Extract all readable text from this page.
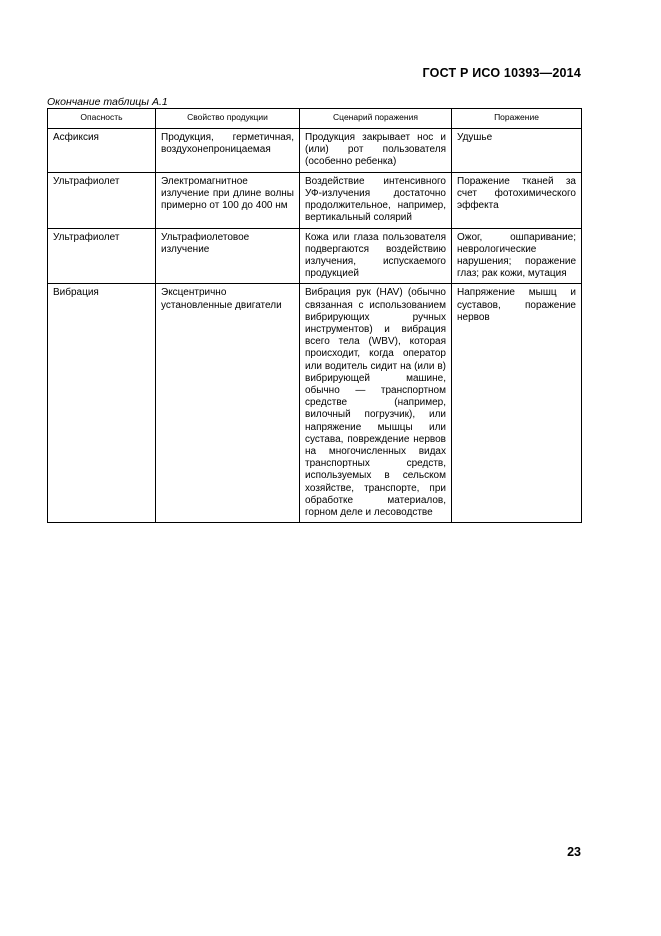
ГОСТ Р ИСО 10393—2014
Окончание таблицы А.1
Опасность	Свойство продукции	Сценарий поражения	Поражение
Асфиксия	Продукция, герметичная, воздухонепроницаемая	Продукция закрывает нос и (или) рот пользователя (особенно ребенка)	Удушье
Ультрафиолет	Электромагнитное излучение при длине волны примерно от 100 до 400 нм	Воздействие интенсивного УФ-излучения достаточно продолжительное, например, вертикальный солярий	Поражение тканей за счет фотохимического эффекта
Ультрафиолет	Ультрафиолетовое излучение	Кожа или глаза пользователя подвергаются воздействию излучения, испускаемого продукцией	Ожог, ошпаривание; неврологические нарушения; поражение глаз; рак кожи, мутация
Вибрация	Эксцентрично установленные двигатели	Вибрация рук (HAV) (обычно связанная с использованием вибрирующих ручных инструментов) и вибрация всего тела (WBV), которая происходит, когда оператор или водитель сидит на (или в) вибрирующей машине, обычно — транспортном средстве (например, вилочный погрузчик), или напряжение мышцы или сустава, повреждение нервов на многочисленных видах транспортных средств, используемых в сельском хозяйстве, транспорте, при обработке материалов, горном деле и лесоводстве	Напряжение мышц и суставов, поражение нервов
23
